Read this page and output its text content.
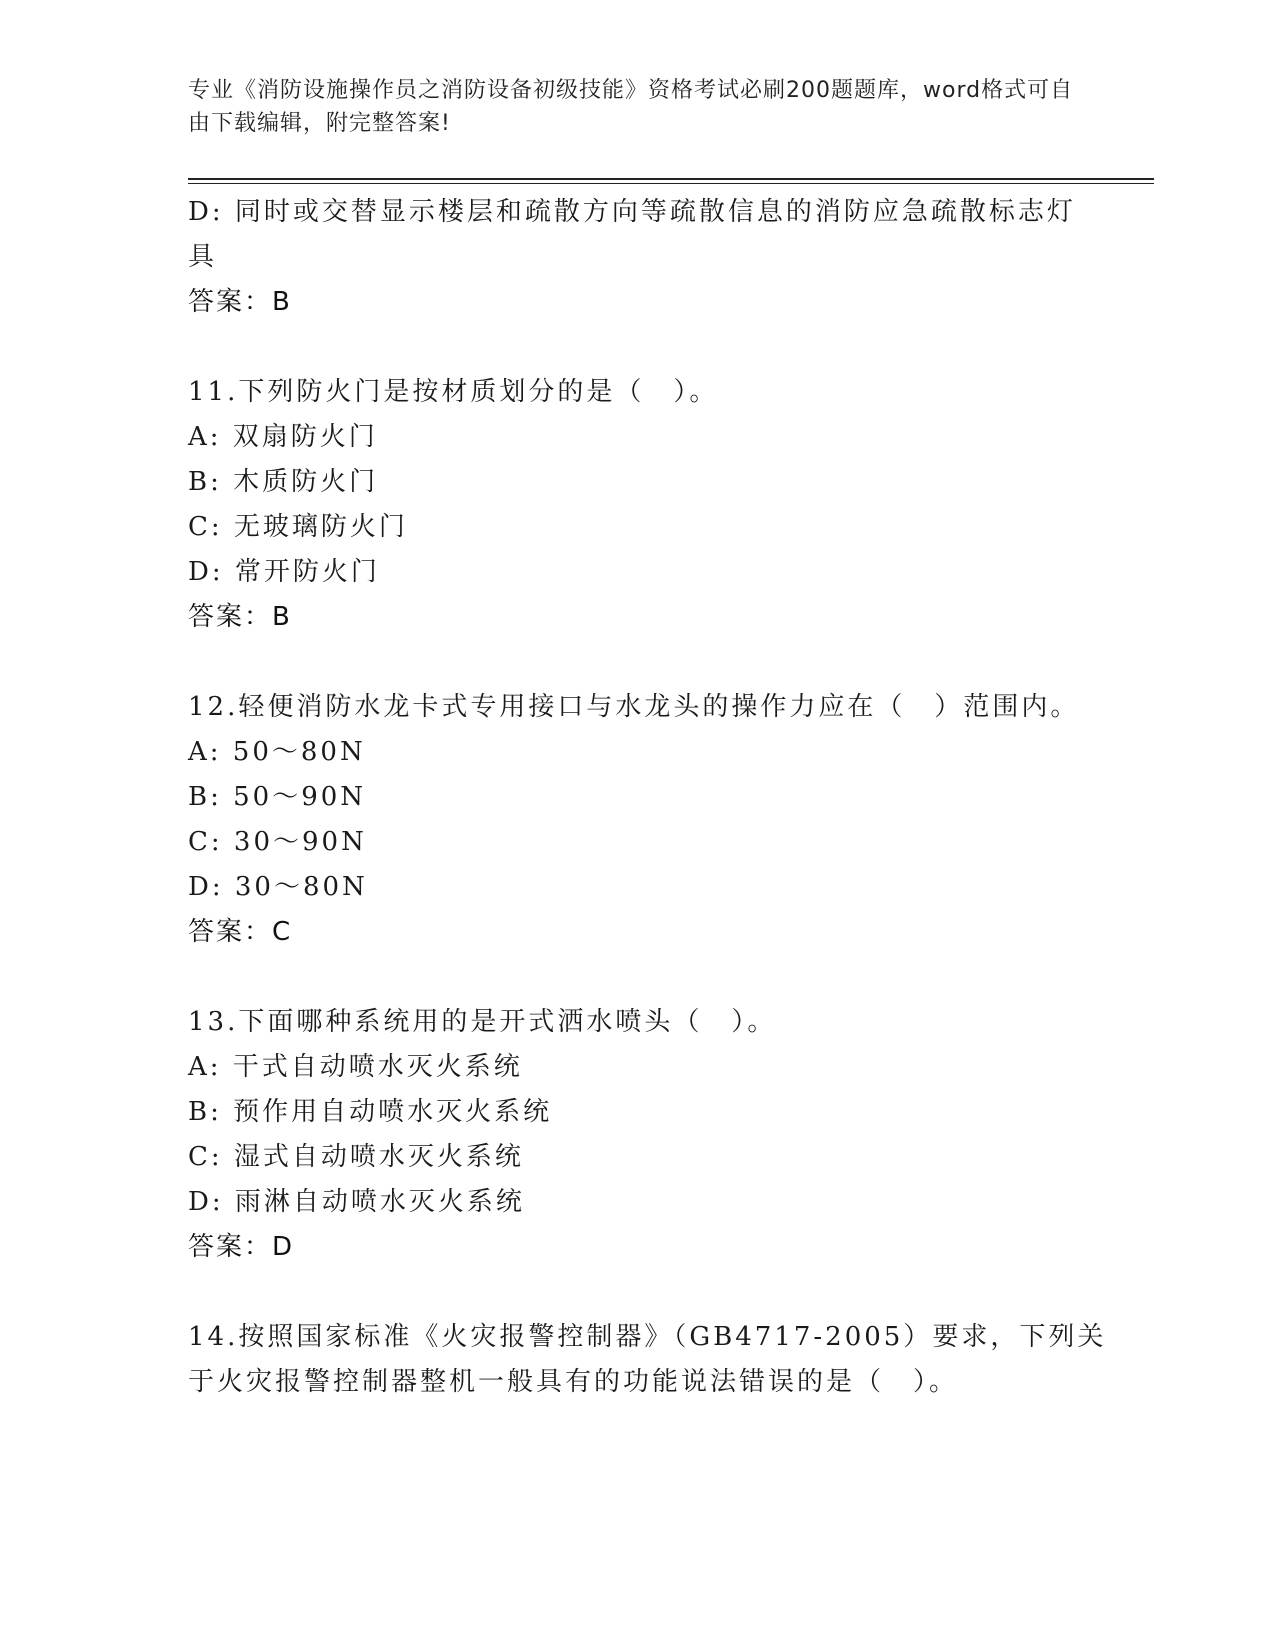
专业《消防设施操作员之消防设备初级技能》资格考试必刷200题题库，word格式可自由下载编辑，附完整答案!
D: 同时或交替显示楼层和疏散方向等疏散信息的消防应急疏散标志灯
具
答案：B
11.下列防火门是按材质划分的是（　）。
A: 双扇防火门
B: 木质防火门
C: 无玻璃防火门
D: 常开防火门
答案：B
12.轻便消防水龙卡式专用接口与水龙头的操作力应在（　）范围内。
A: 50～80N
B: 50～90N
C: 30～90N
D: 30～80N
答案：C
13.下面哪种系统用的是开式洒水喷头（　）。
A: 干式自动喷水灭火系统
B: 预作用自动喷水灭火系统
C: 湿式自动喷水灭火系统
D: 雨淋自动喷水灭火系统
答案：D
14.按照国家标准《火灾报警控制器》（GB4717-2005）要求，下列关
于火灾报警控制器整机一般具有的功能说法错误的是（　）。
